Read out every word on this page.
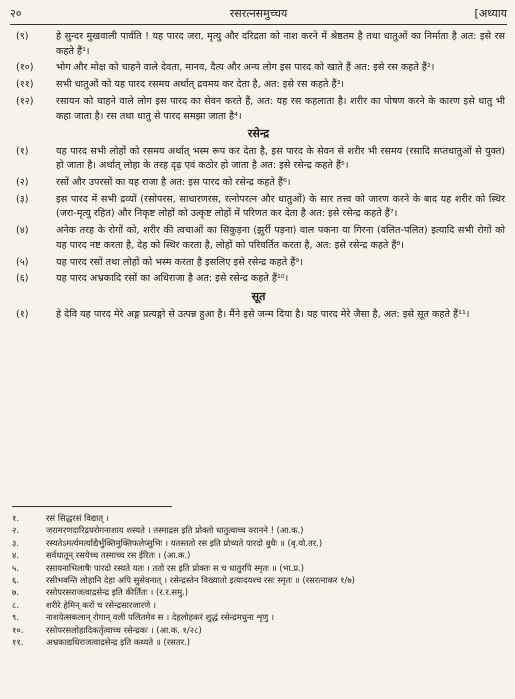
२०	रसरत्नसमुच्चय	[अध्याय
(९)	हे सुन्दर मुखवाली पार्वति ! यह पारद जरा, मृत्यु और दरिद्रता को नाश करने में श्रेष्ठतम है तथा धातुओं का निर्माता है अत: इसे रस कहते हैं¹।
(१०)	भोग और मोक्ष को चाहने वाले देवता, मानव, दैत्य और अन्य लोग इस पारद को खाते हैं अत: इसे रस कहते हैं²।
(११)	सभी धातुओं को यह पारद रसमय अर्थात् द्रवमय कर देता है, अत: इसे रस कहते हैं³।
(१२)	रसायन को चाहने वाले लोग इस पारद का सेवन करते हैं, अत: यह रस कहलाता है। शरीर का पोषण करने के कारण इसे धातु भी कहा जाता है। रस तथा धातु से पारद समझा जाता है⁴।
रसेन्द्र
(१)	यह पारद सभी लोहों को रसमय अर्थात् भस्म रूप कर देता है, इस पारद के सेवन से शरीर भी रसमय (रसादि सप्तधातुओं से युक्त) हो जाता है। अर्थात् लोहा के तरह दृढ़ एवं कठोर हो जाता है अत: इसे रसेन्द्र कहते हैं⁵।
(२)	रसों और उपरसों का यह राजा है अत: इस पारद को रसेन्द्र कहते हैं⁶।
(३)	इस पारद में सभी द्रव्यों (रसोपरस, साधारणरस, रत्नोपरत्न और धातुओं) के सार तत्त्व को जारण करने के बाद यह शरीर को स्थिर (जरा-मृत्यु रहित) और निकृष्ट लोहों को उत्कृष्ट लोहों में परिणत कर देता है अत: इसे रसेन्द्र कहते हैं⁷।
(४)	अनेक तरह के रोगों को, शरीर की त्वचाओं का सिकुड़ना (झुर्री पड़ना) वाल पकना या गिरना (वलित-पलित) इत्यादि सभी रोगों को यह पारद नष्ट करता है, देह को स्थिर करता है, लोहों को परिवर्तित करता है, अत: इसे रसेन्द्र कहते हैं⁸।
(५)	यह पारद रसों तथा लोहों को भस्म करता है इसलिए इसे रसेन्द्र कहते हैं⁹।
(६)	यह पारद अभ्रकादि रसों का अधिराजा है अत: इसे रसेन्द्र कहते हैं¹⁰।
सूत
(१)	हे देवि यह पारद मेरे अङ्ग प्रत्यङ्गो से उत्पन्न हुआ है। मैंने इसे जन्म दिया है। यह पारद मेरे जैसा है, अत: इसे सूत कहते हैं¹¹।
१.	रसं सिद्धरसं विद्यात् ।
२.	जरामरणदारिद्रयरोगनाशाय शस्यते । तस्माद्रस इति प्रोक्तो धातुत्वाच्च वरानने ! (आ.क.)
३.	रस्यतेऽमर्त्यमर्त्याद्यैर्भुक्तिमुक्तिफलेप्सुभिः । यतस्ततो रस इति प्रोच्यते पारदो बुधैः ॥ (बृ.यो.तर.)
४.	सर्वधातून् रसयेच्च तस्माच्च रस ईरितः । (आ.क.)
५.	रसायनाभिलाषैः पारदो रस्यते यतः । ततो रस इति प्रोक्तः स च धातुरपि स्मृतः ॥ (भा.प्र.)
६.	रसीभवन्ति लोहानि देहा अपि सुसेवनात् । रसेन्द्रस्तेन विख्यातो इत्यादयश्च रसः स्मृतः ॥ (रसरत्नाकर १/७)
७.	रसोपरसराजत्वाद्रसेन्द्र इति कीर्तितः । (र.र.समु.)
८.	शरीरे हेमिन् करों च रसेन्द्रसारजारणे ।
९.	नाशयेत्सकलान् रोगान् वली पलितमेव स । देहलोहकरं शुद्धं रसेन्द्रमधुना शृणु ।
१०.	रसोपरसलोहादिकर्तृत्वाच्च रसेन्द्रकः । (आ.क. १/२८)
११.	अभ्रकाद्यधिराजत्वाद्रसेन्द्र इति कथ्यते ॥ (रसतर.)
